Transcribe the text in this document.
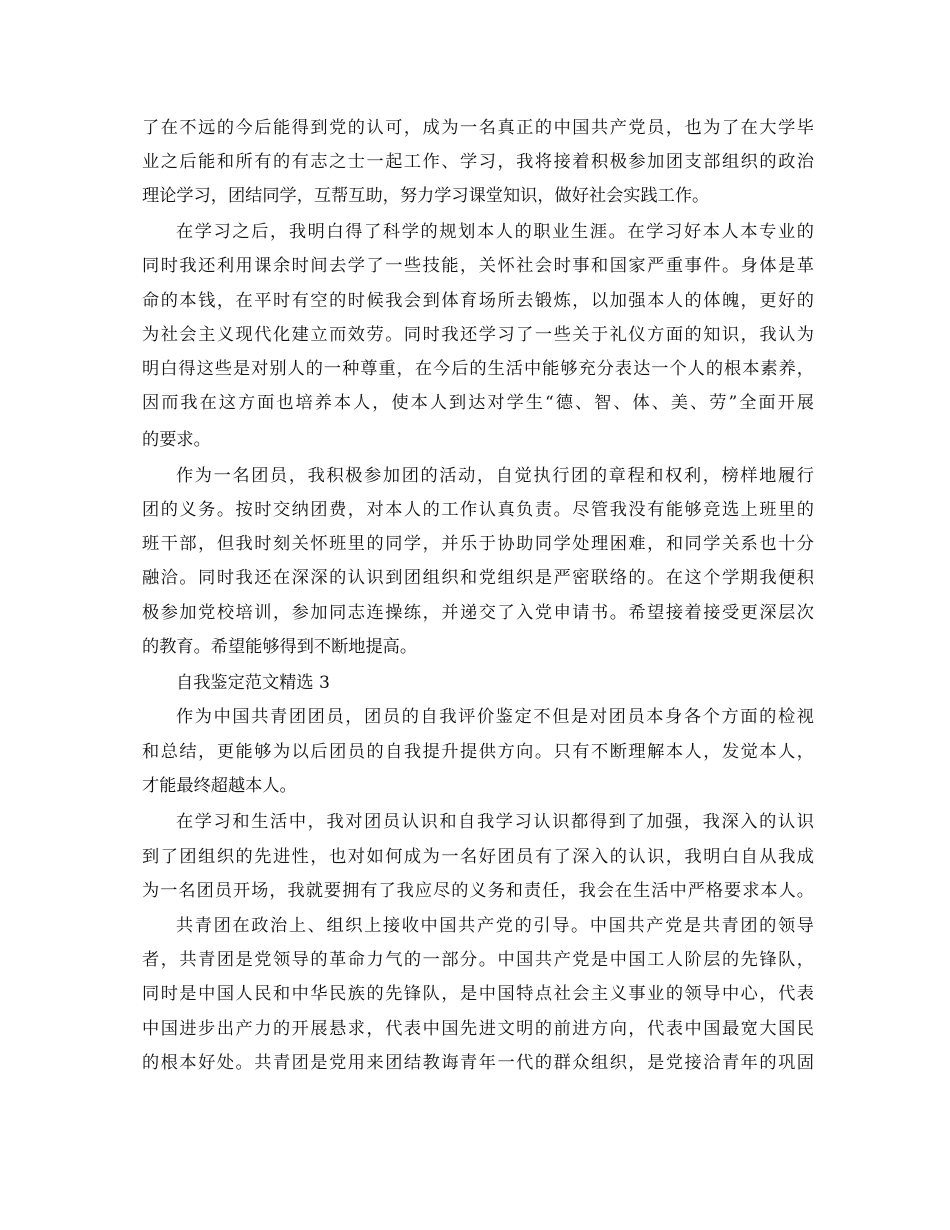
了在不远的今后能得到党的认可，成为一名真正的中国共产党员，也为了在大学毕
业之后能和所有的有志之士一起工作、学习，我将接着积极参加团支部组织的政治
理论学习，团结同学，互帮互助，努力学习课堂知识，做好社会实践工作。
在学习之后，我明白得了科学的规划本人的职业生涯。在学习好本人本专业的
同时我还利用课余时间去学了一些技能，关怀社会时事和国家严重事件。身体是革
命的本钱，在平时有空的时候我会到体育场所去锻炼，以加强本人的体魄，更好的
为社会主义现代化建立而效劳。同时我还学习了一些关于礼仪方面的知识，我认为
明白得这些是对别人的一种尊重，在今后的生活中能够充分表达一个人的根本素养，
因而我在这方面也培养本人，使本人到达对学生“德、智、体、美、劳”全面开展
的要求。
作为一名团员，我积极参加团的活动，自觉执行团的章程和权利，榜样地履行
团的义务。按时交纳团费，对本人的工作认真负责。尽管我没有能够竞选上班里的
班干部，但我时刻关怀班里的同学，并乐于协助同学处理困难，和同学关系也十分
融洽。同时我还在深深的认识到团组织和党组织是严密联络的。在这个学期我便积
极参加党校培训，参加同志连操练，并递交了入党申请书。希望接着接受更深层次
的教育。希望能够得到不断地提高。
自我鉴定范文精选 3
作为中国共青团团员，团员的自我评价鉴定不但是对团员本身各个方面的检视
和总结，更能够为以后团员的自我提升提供方向。只有不断理解本人，发觉本人，
才能最终超越本人。
在学习和生活中，我对团员认识和自我学习认识都得到了加强，我深入的认识
到了团组织的先进性，也对如何成为一名好团员有了深入的认识，我明白自从我成
为一名团员开场，我就要拥有了我应尽的义务和责任，我会在生活中严格要求本人。
共青团在政治上、组织上接收中国共产党的引导。中国共产党是共青团的领导
者，共青团是党领导的革命力气的一部分。中国共产党是中国工人阶层的先锋队，
同时是中国人民和中华民族的先锋队，是中国特点社会主义事业的领导中心，代表
中国进步出产力的开展悬求，代表中国先进文明的前进方向，代表中国最宽大国民
的根本好处。共青团是党用来团结教诲青年一代的群众组织，是党接洽青年的巩固
